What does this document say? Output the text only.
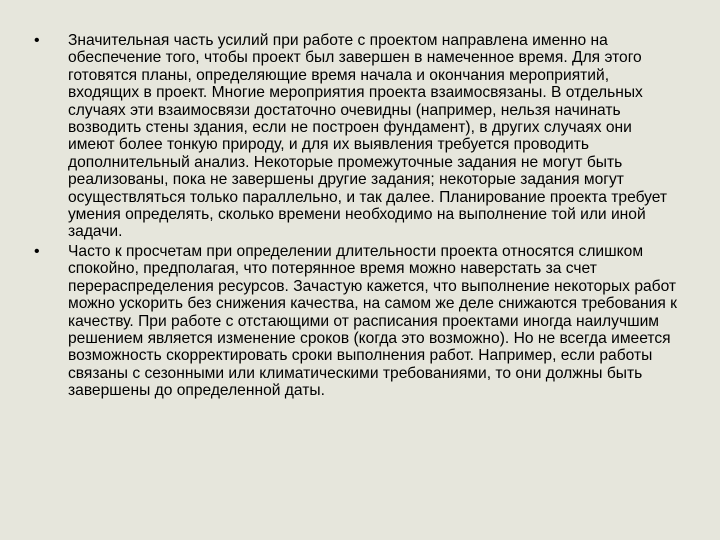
• Значительная часть усилий при работе с проектом направлена именно на обеспечение того, чтобы проект был завершен в намеченное время. Для этого готовятся планы, определяющие время начала и окончания мероприятий, входящих в проект. Многие мероприятия проекта взаимосвязаны. В отдельных случаях эти взаимосвязи достаточно очевидны (например, нельзя начинать возводить стены здания, если не построен фундамент), в других случаях они имеют более тонкую природу, и для их выявления требуется проводить дополнительный анализ. Некоторые промежуточные задания не могут быть реализованы, пока не завершены другие задания; некоторые задания могут осуществляться только параллельно, и так далее. Планирование проекта требует умения определять, сколько времени необходимо на выполнение той или иной задачи.
• Часто к просчетам при определении длительности проекта относятся слишком спокойно, предполагая, что потерянное время можно наверстать за счет перераспределения ресурсов. Зачастую кажется, что выполнение некоторых работ можно ускорить без снижения качества, на самом же деле снижаются требования к качеству. При работе с отстающими от расписания проектами иногда наилучшим решением является изменение сроков (когда это возможно). Но не всегда имеется возможность скорректировать сроки выполнения работ. Например, если работы связаны с сезонными или климатическими требованиями, то они должны быть завершены до определенной даты.
